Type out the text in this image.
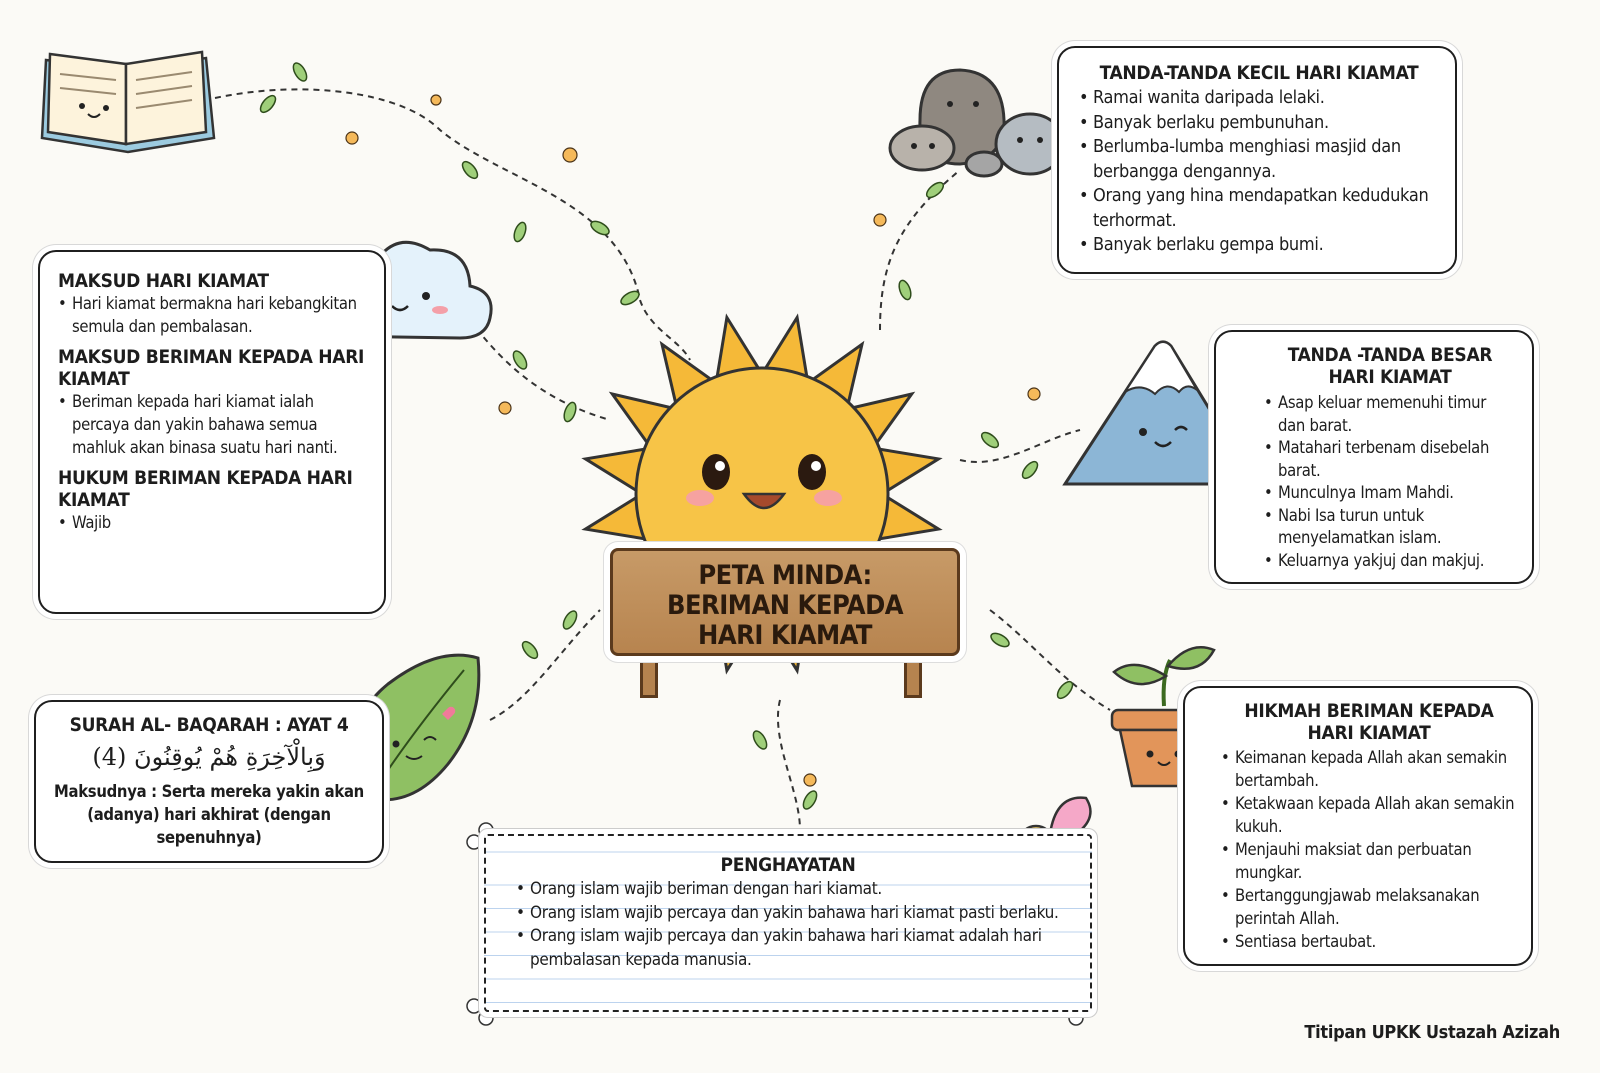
PETA MINDA:
BERIMAN KEPADA
HARI KIAMAT
MAKSUD HARI KIAMAT
• Hari kiamat bermakna hari kebangkitan semula dan pembalasan.
MAKSUD BERIMAN KEPADA HARI KIAMAT
• Beriman kepada hari kiamat ialah percaya dan yakin bahawa semua mahluk akan binasa suatu hari nanti.
HUKUM BERIMAN KEPADA HARI KIAMAT
• Wajib
TANDA-TANDA KECIL HARI KIAMAT
• Ramai wanita daripada lelaki.
• Banyak berlaku pembunuhan.
• Berlumba-lumba menghiasi masjid dan berbangga dengannya.
• Orang yang hina mendapatkan kedudukan terhormat.
• Banyak berlaku gempa bumi.
TANDA -TANDA BESAR HARI KIAMAT
• Asap keluar memenuhi timur dan barat.
• Matahari terbenam disebelah barat.
• Munculnya Imam Mahdi.
• Nabi Isa turun untuk menyelamatkan islam.
• Keluarnya yakjuj dan makjuj.
HIKMAH BERIMAN KEPADA HARI KIAMAT
• Keimanan kepada Allah akan semakin bertambah.
• Ketakwaan kepada Allah akan semakin kukuh.
• Menjauhi maksiat dan perbuatan mungkar.
• Bertanggungjawab melaksanakan perintah Allah.
• Sentiasa bertaubat.
SURAH AL- BAQARAH : AYAT 4
وَبِالْآخِرَةِ هُمْ يُوقِنُونَ (4)
Maksudnya : Serta mereka yakin akan (adanya) hari akhirat (dengan sepenuhnya)
PENGHAYATAN
• Orang islam wajib beriman dengan hari kiamat.
• Orang islam wajib percaya dan yakin bahawa hari kiamat pasti berlaku.
• Orang islam wajib percaya dan yakin bahawa hari kiamat adalah hari pembalasan kepada manusia.
Titipan UPKK Ustazah Azizah
